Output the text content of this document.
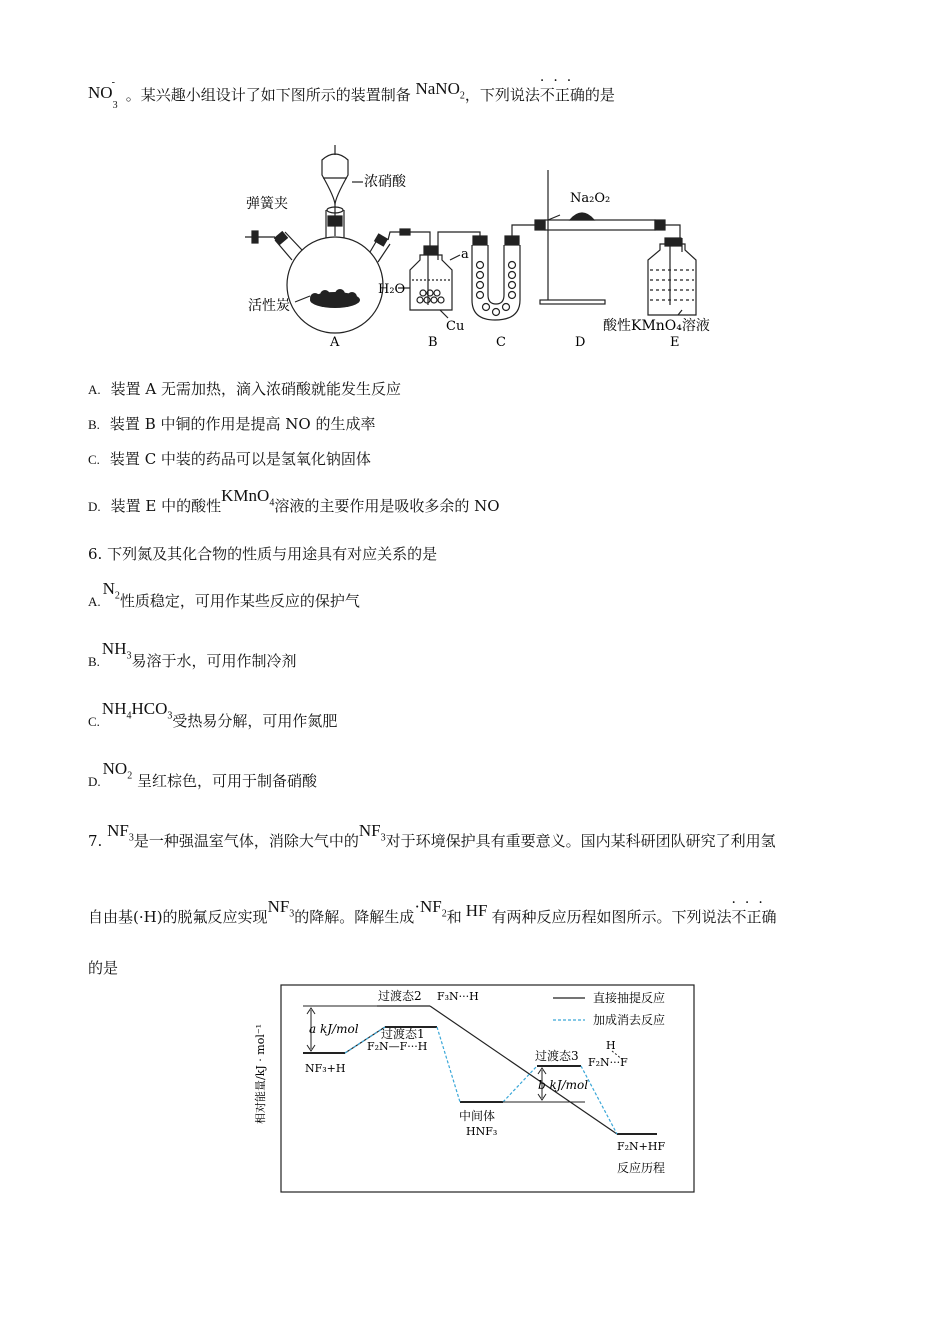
$NO_3^-$ 。某兴趣小组设计了如下图所示的装置制备 NaNO$_2$，下列说法
···
不正确的是
浓硝酸
弹簧夹
活性炭
H₂O
a
Cu
Na₂O₂
酸性KMnO₄溶液
A	B	C	D	E
A. 装置 A 无需加热，滴入浓硝酸就能发生反应
B. 装置 B 中铜的作用是提高 NO 的生成率
C. 装置 C 中装的药品可以是氢氧化钠固体
D. 装置 E 中的酸性KMnO$_4$溶液的主要作用是吸收多余的 NO
6. 下列氮及其化合物的性质与用途具有对应关系的是
$A.N_2$性质稳定，可用作某些反应的保护气
$B.NH_3$易溶于水，可用作制冷剂
$C.NH_4HCO_3$受热易分解，可用作氮肥
$D.NO_2$ 呈红棕色，可用于制备硝酸
7. $NF_3$是一种强温室气体，消除大气中的$NF_3$对于环境保护具有重要意义。国内某科研团队研究了利用氢
自由基(·H)的脱氟反应实现$NF_3$的降解。降解生成$\cdot NF_2$和 HF 有两种反应历程如图所示。下列说法
···
不正确
的是
相对能量/kJ · mol⁻¹
直接抽提反应
加成消去反应
a kJ/mol
b kJ/mol
NF₃+H
过渡态2 F₃N···H
过渡态1
F₂N—F···H
中间体
HNF₃
过渡态3
H
F₂N···F
F₂N+HF
反应历程
